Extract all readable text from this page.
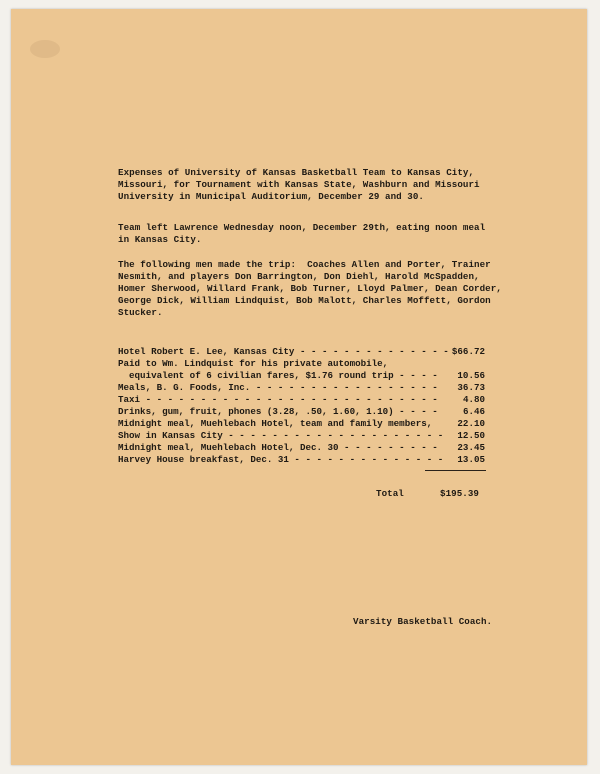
Expenses of University of Kansas Basketball Team to Kansas City,
Missouri, for Tournament with Kansas State, Washburn and Missouri
University in Municipal Auditorium, December 29 and 30.
Team left Lawrence Wednesday noon, December 29th, eating noon meal
in Kansas City.
The following men made the trip:  Coaches Allen and Porter, Trainer
Nesmith, and players Don Barrington, Don Diehl, Harold McSpadden,
Homer Sherwood, Willard Frank, Bob Turner, Lloyd Palmer, Dean Corder,
George Dick, William Lindquist, Bob Malott, Charles Moffett, Gordon
Stucker.
Hotel Robert E. Lee, Kansas City - - - - - - - - - - - - - - $66.72
Paid to Wm. Lindquist for his private automobile,
equivalent of 6 civilian fares, $1.76 round trip - - - - 10.56
Meals, B. G. Foods, Inc. - - - - - - - - - - - - - - - - - 36.73
Taxi - - - - - - - - - - - - - - - - - - - - - - - - - - -	4.80
Drinks, gum, fruit, phones (3.28, .50, 1.60, 1.10) - - - -	6.46
Midnight meal, Muehlebach Hotel, team and family members,	22.10
Show in Kansas City - - - - - - - - - - - - - - - - - - - - 12.50
Midnight meal, Muehlebach Hotel, Dec. 30 - - - - - - - - - 23.45
Harvey House breakfast, Dec. 31 - - - - - - - - - - - - - - 13.05
Total	$195.39
Varsity Basketball Coach.
